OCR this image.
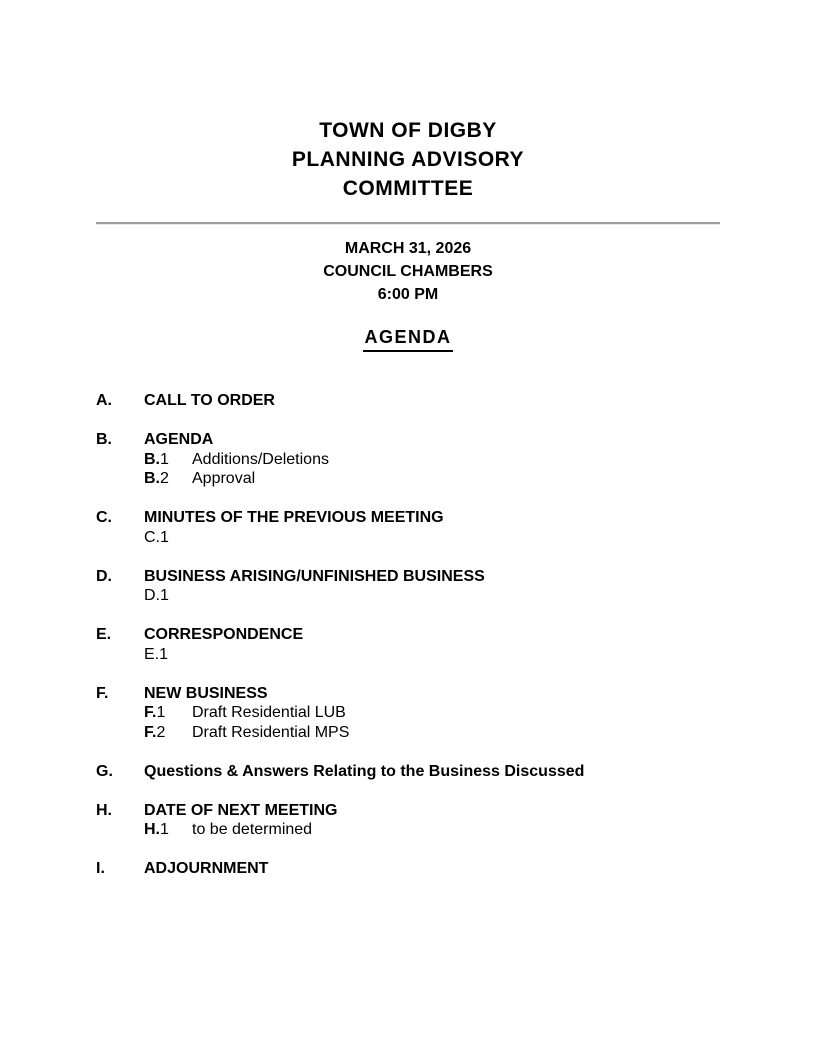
TOWN OF DIGBY
PLANNING ADVISORY
COMMITTEE
MARCH 31, 2026
COUNCIL CHAMBERS
6:00 PM
AGENDA
A.	CALL TO ORDER
B.	AGENDA
B.1	Additions/Deletions
B.2	Approval
C.	MINUTES OF THE PREVIOUS MEETING
C.1
D.	BUSINESS ARISING/UNFINISHED BUSINESS
D.1
E.	CORRESPONDENCE
E.1
F.	NEW BUSINESS
F.1	Draft Residential LUB
F.2	Draft Residential MPS
G.	Questions & Answers Relating to the Business Discussed
H.	DATE OF NEXT MEETING
H.1	to be determined
I.	ADJOURNMENT
